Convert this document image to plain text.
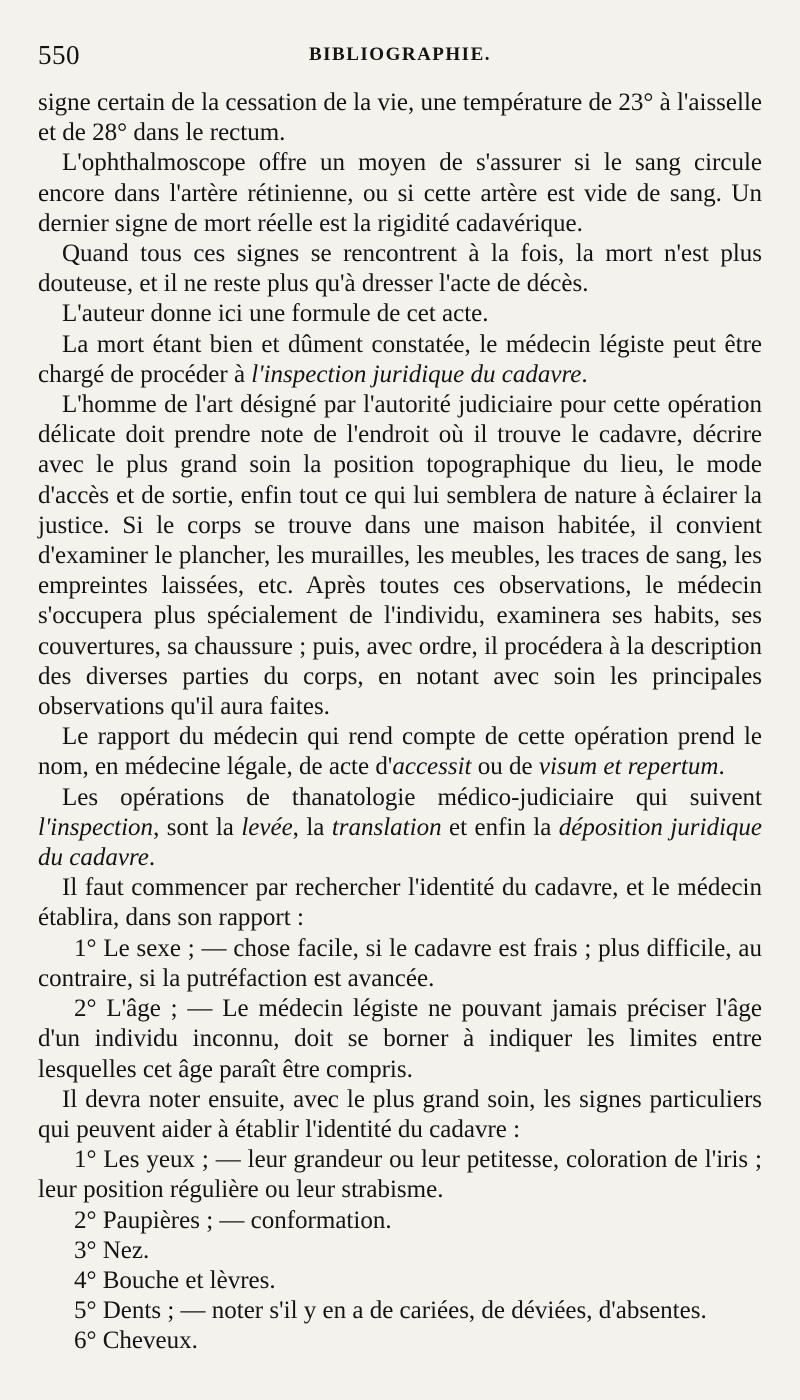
550	BIBLIOGRAPHIE.

signe certain de la cessation de la vie, une température de 23° à l'aisselle et de 28° dans le rectum.

L'ophthalmoscope offre un moyen de s'assurer si le sang circule encore dans l'artère rétinienne, ou si cette artère est vide de sang. Un dernier signe de mort réelle est la rigidité cadavérique.

Quand tous ces signes se rencontrent à la fois, la mort n'est plus douteuse, et il ne reste plus qu'à dresser l'acte de décès.

L'auteur donne ici une formule de cet acte.

La mort étant bien et dûment constatée, le médecin légiste peut être chargé de procéder à l'inspection juridique du cadavre.

L'homme de l'art désigné par l'autorité judiciaire pour cette opération délicate doit prendre note de l'endroit où il trouve le cadavre, décrire avec le plus grand soin la position topographique du lieu, le mode d'accès et de sortie, enfin tout ce qui lui semblera de nature à éclairer la justice. Si le corps se trouve dans une maison habitée, il convient d'examiner le plancher, les murailles, les meubles, les traces de sang, les empreintes laissées, etc. Après toutes ces observations, le médecin s'occupera plus spécialement de l'individu, examinera ses habits, ses couvertures, sa chaussure ; puis, avec ordre, il procédera à la description des diverses parties du corps, en notant avec soin les principales observations qu'il aura faites.

Le rapport du médecin qui rend compte de cette opération prend le nom, en médecine légale, de acte d'accessit ou de visum et repertum.

Les opérations de thanatologie médico-judiciaire qui suivent l'inspection, sont la levée, la translation et enfin la déposition juridique du cadavre.

Il faut commencer par rechercher l'identité du cadavre, et le médecin établira, dans son rapport :

1° Le sexe ; — chose facile, si le cadavre est frais ; plus difficile, au contraire, si la putréfaction est avancée.

2° L'âge ; — Le médecin légiste ne pouvant jamais préciser l'âge d'un individu inconnu, doit se borner à indiquer les limites entre lesquelles cet âge paraît être compris.

Il devra noter ensuite, avec le plus grand soin, les signes particuliers qui peuvent aider à établir l'identité du cadavre :

1° Les yeux ; — leur grandeur ou leur petitesse, coloration de l'iris ; leur position régulière ou leur strabisme.

2° Paupières ; — conformation.

3° Nez.

4° Bouche et lèvres.

5° Dents ; — noter s'il y en a de cariées, de déviées, d'absentes.

6° Cheveux.
